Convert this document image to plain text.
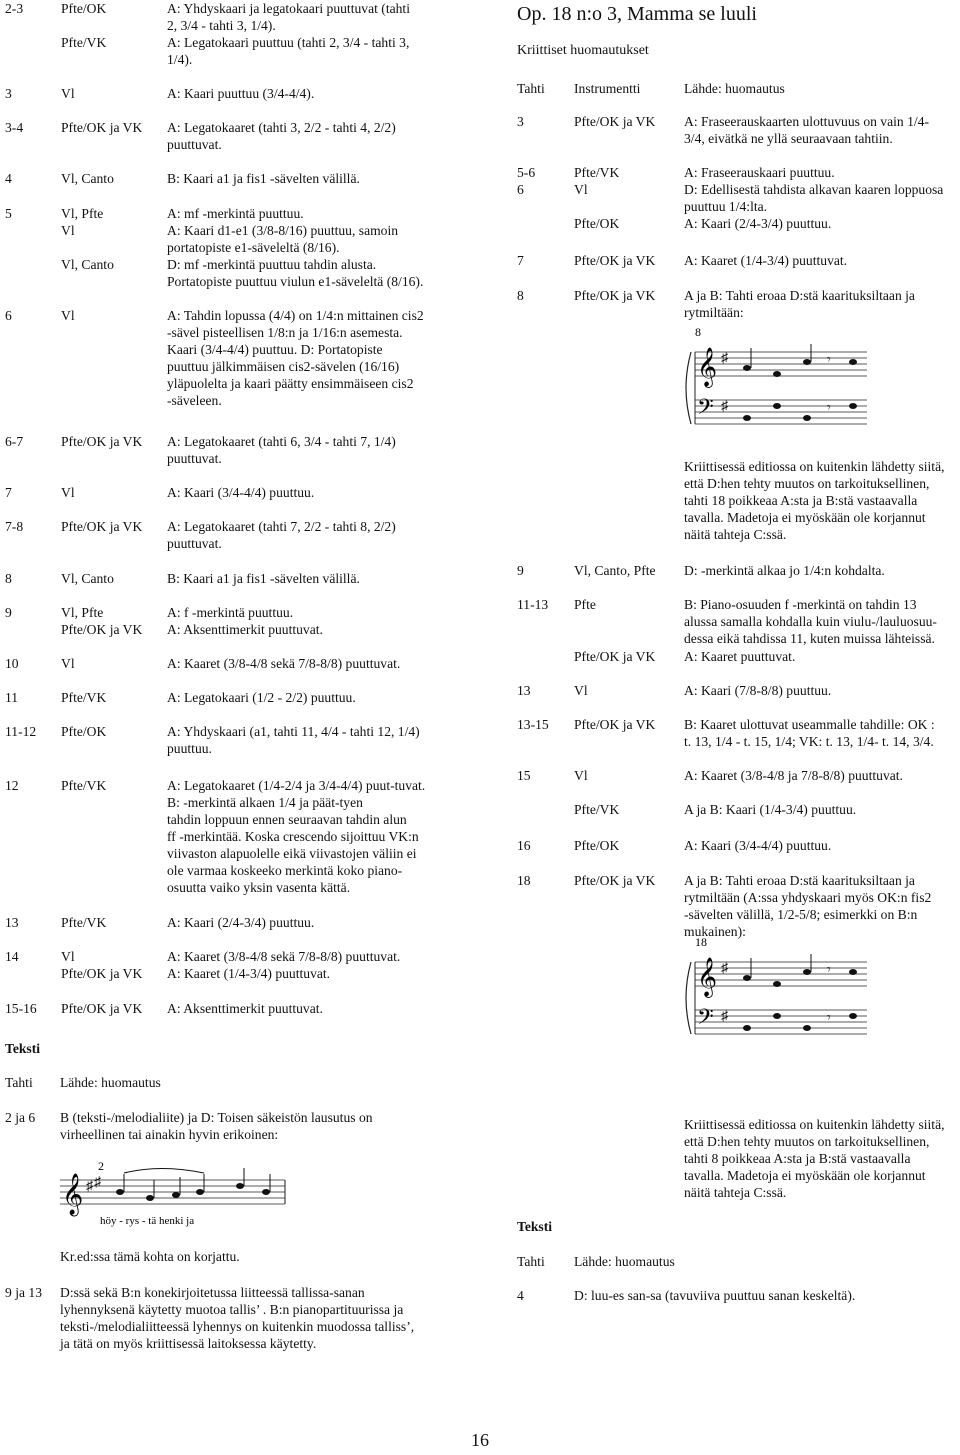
2-3	Pfte/OK	A: Yhdyskaari ja legatokaari puuttuvat (tahti
2, 3/4 - tahti 3, 1/4).
Pfte/VK	A: Legatokaari puuttuu (tahti 2, 3/4 - tahti 3,
1/4).
3	Vl	A: Kaari puuttuu (3/4-4/4).
3-4	Pfte/OK ja VK A: Legatokaaret (tahti 3, 2/2 - tahti 4, 2/2)
puuttuvat.
4	Vl, Canto	B: Kaari a1 ja fis1 -sävelten välillä.
5	Vl, Pfte	A: mf -merkintä puuttuu.
Vl	A: Kaari d1-e1 (3/8-8/16) puuttuu, samoin
portatopiste e1-säveleltä (8/16).
Vl, Canto	D: mf -merkintä puuttuu tahdin alusta.
Portatopiste puuttuu viulun e1-säveleltä (8/16).
6	Vl	A: Tahdin lopussa (4/4) on 1/4:n mittainen cis2
-sävel pisteellisen 1/8:n ja 1/16:n asemesta.
Kaari (3/4-4/4) puuttuu. D: Portatopiste
puuttuu jälkimmäisen cis2-sävelen (16/16)
yläpuolelta ja kaari päätty ensimmäiseen cis2
-säveleen.
6-7	Pfte/OK ja VK A: Legatokaaret (tahti 6, 3/4 - tahti 7, 1/4)
puuttuvat.
7	Vl	A: Kaari (3/4-4/4) puuttuu.
7-8	Pfte/OK ja VK A: Legatokaaret (tahti 7, 2/2 - tahti 8, 2/2)
puuttuvat.
8	Vl, Canto	B: Kaari a1 ja fis1 -sävelten välillä.
9	Vl, Pfte	A: f -merkintä puuttuu.
Pfte/OK ja VK A: Aksenttimerkit puuttuvat.
10	Vl	A: Kaaret (3/8-4/8 sekä 7/8-8/8) puuttuvat.
11	Pfte/VK	A: Legatokaari (1/2 - 2/2) puuttuu.
11-12 Pfte/OK	A: Yhdyskaari (a1, tahti 11, 4/4 - tahti 12, 1/4)
puuttuu.
12	Pfte/VK	A: Legatokaaret (1/4-2/4 ja 3/4-4/4) puut-tuvat.
B: -merkintä alkaen 1/4 ja päät-tyen
tahdin loppuun ennen seuraavan tahdin alun
ff -merkintää. Koska crescendo sijoittuu VK:n
viivaston alapuolelle eikä viivastojen väliin ei
ole varmaa koskeeko merkintä koko piano-
osuutta vaiko yksin vasenta kättä.
13	Pfte/VK	A: Kaari (2/4-3/4) puuttuu.
14	Vl	A: Kaaret (3/8-4/8 sekä 7/8-8/8) puuttuvat.
Pfte/OK ja VK A: Kaaret (1/4-3/4) puuttuvat.
15-16 Pfte/OK ja VK A: Aksenttimerkit puuttuvat.
Teksti
Tahti Lähde: huomautus
2 ja 6 B (teksti-/melodialiite) ja D: Toisen säkeistön lausutus on
virheellinen tai ainakin hyvin erikoinen:
𝄞 ♯ ♯
2
höy - rys - tä henki ja
Kr.ed:ssa tämä kohta on korjattu.
9 ja 13 D:ssä sekä B:n konekirjoitetussa liitteessä tallissa-sanan
lyhennyksenä käytetty muotoa tallis’ . B:n pianopartituurissa ja
teksti-/melodialiitteessä lyhennys on kuitenkin muodossa talliss’,
ja tätä on myös kriittisessä laitoksessa käytetty.
Op. 18 n:o 3, Mamma se luuli
Kriittiset huomautukset
Tahti Instrumentti	Lähde: huomautus
3	Pfte/OK ja VK A: Fraseerauskaarten ulottuvuus on vain 1/4-
3/4, eivätkä ne yllä seuraavaan tahtiin.
5-6	Pfte/VK	A: Fraseerauskaari puuttuu.
6	Vl	D: Edellisestä tahdista alkavan kaaren loppuosa
puuttuu 1/4:lta.
Pfte/OK	A: Kaari (2/4-3/4) puuttuu.
7	Pfte/OK ja VK A: Kaaret (1/4-3/4) puuttuvat.
8	Pfte/OK ja VK A ja B: Tahti eroaa D:stä kaarituksiltaan ja
rytmiltään:
𝄞
𝄢
♯
♯
𝄾
𝄾
8
Kriittisessä editiossa on kuitenkin lähdetty siitä,
että D:hen tehty muutos on tarkoituksellinen,
tahti 18 poikkeaa A:sta ja B:stä vastaavalla
tavalla. Madetoja ei myöskään ole korjannut
näitä tahteja C:ssä.
9	Vl, Canto, Pfte D: -merkintä alkaa jo 1/4:n kohdalta.
11-13 Pfte	B: Piano-osuuden f -merkintä on tahdin 13
alussa samalla kohdalla kuin viulu-/lauluosuu-
dessa eikä tahdissa 11, kuten muissa lähteissä.
Pfte/OK ja VK A: Kaaret puuttuvat.
13	Vl	A: Kaari (7/8-8/8) puuttuu.
13-15 Pfte/OK ja VK B: Kaaret ulottuvat useammalle tahdille: OK :
t. 13, 1/4 - t. 15, 1/4; VK: t. 13, 1/4- t. 14, 3/4.
15	Vl	A: Kaaret (3/8-4/8 ja 7/8-8/8) puuttuvat.
Pfte/VK	A ja B: Kaari (1/4-3/4) puuttuu.
16	Pfte/OK	A: Kaari (3/4-4/4) puuttuu.
18	Pfte/OK ja VK A ja B: Tahti eroaa D:stä kaarituksiltaan ja
rytmiltään (A:ssa yhdyskaari myös OK:n fis2
-sävelten välillä, 1/2-5/8; esimerkki on B:n
mukainen):
𝄞
𝄢
♯
♯
𝄾
𝄾
18
Kriittisessä editiossa on kuitenkin lähdetty siitä,
että D:hen tehty muutos on tarkoituksellinen,
tahti 8 poikkeaa A:sta ja B:stä vastaavalla
tavalla. Madetoja ei myöskään ole korjannut
näitä tahteja C:ssä.
Teksti
Tahti Lähde: huomautus
4	D: luu-es san-sa (tavuviiva puuttuu sanan keskeltä).
16
